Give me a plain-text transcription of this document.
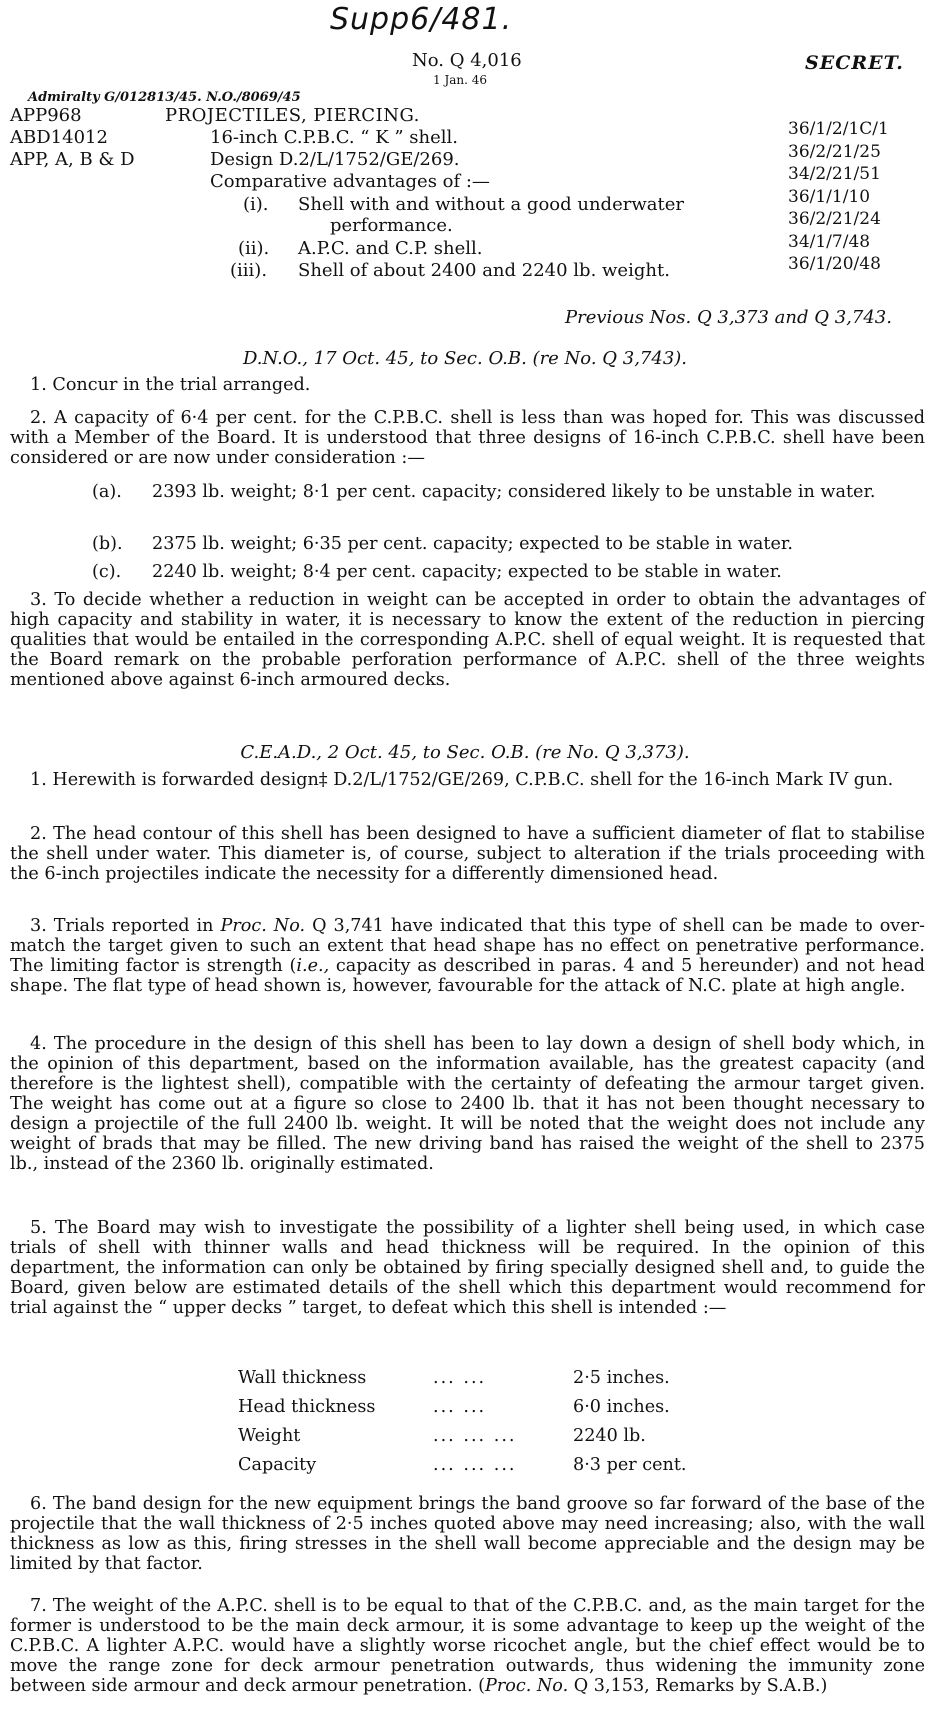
Supp6/481.
No. Q 4,016
1 Jan. 46
SECRET.
Admiralty G/012813/45. N.O./8069/45
APP968	PROJECTILES, PIERCING.
ABD14012	16-inch C.P.B.C. “ K ” shell.
APP, A, B & D	Design D.2/L/1752/GE/269.
Comparative advantages of :—
(i). Shell with and without a good underwater
performance.
(ii). A.P.C. and C.P. shell.
(iii). Shell of about 2400 and 2240 lb. weight.
36/1/2/1C/1
36/2/21/25
34/2/21/51
36/1/1/10
36/2/21/24
34/1/7/48
36/1/20/48
Previous Nos. Q 3,373 and Q 3,743.
D.N.O., 17 Oct. 45, to Sec. O.B. (re No. Q 3,743).
1. Concur in the trial arranged.
2. A capacity of 6·4 per cent. for the C.P.B.C. shell is less than was hoped for. This was discussed with a Member of the Board. It is understood that three designs of 16-inch C.P.B.C. shell have been considered or are now under consideration :—
(a). 2393 lb. weight; 8·1 per cent. capacity; considered likely to be unstable in water.
(b). 2375 lb. weight; 6·35 per cent. capacity; expected to be stable in water.
(c). 2240 lb. weight; 8·4 per cent. capacity; expected to be stable in water.
3. To decide whether a reduction in weight can be accepted in order to obtain the advantages of high capacity and stability in water, it is necessary to know the extent of the reduction in piercing qualities that would be entailed in the corresponding A.P.C. shell of equal weight. It is requested that the Board remark on the probable perforation performance of A.P.C. shell of the three weights mentioned above against 6-inch armoured decks.
C.E.A.D., 2 Oct. 45, to Sec. O.B. (re No. Q 3,373).
1. Herewith is forwarded design‡ D.2/L/1752/GE/269, C.P.B.C. shell for the 16-inch Mark IV gun.
2. The head contour of this shell has been designed to have a sufficient diameter of flat to stabilise the shell under water. This diameter is, of course, subject to alteration if the trials proceeding with the 6-inch projectiles indicate the necessity for a differently dimensioned head.
3. Trials reported in Proc. No. Q 3,741 have indicated that this type of shell can be made to over-match the target given to such an extent that head shape has no effect on penetrative performance. The limiting factor is strength (i.e., capacity as described in paras. 4 and 5 hereunder) and not head shape. The flat type of head shown is, however, favourable for the attack of N.C. plate at high angle.
4. The procedure in the design of this shell has been to lay down a design of shell body which, in the opinion of this department, based on the information available, has the greatest capacity (and therefore is the lightest shell), compatible with the certainty of defeating the armour target given. The weight has come out at a figure so close to 2400 lb. that it has not been thought necessary to design a projectile of the full 2400 lb. weight. It will be noted that the weight does not include any weight of brads that may be filled. The new driving band has raised the weight of the shell to 2375 lb., instead of the 2360 lb. originally estimated.
5. The Board may wish to investigate the possibility of a lighter shell being used, in which case trials of shell with thinner walls and head thickness will be required. In the opinion of this department, the information can only be obtained by firing specially designed shell and, to guide the Board, given below are estimated details of the shell which this department would recommend for trial against the “ upper decks ” target, to defeat which this shell is intended :—
Wall thickness	... ...	2·5 inches.
Head thickness	... ...	6·0 inches.
Weight	... ... ...	2240 lb.
Capacity	... ... ...	8·3 per cent.
6. The band design for the new equipment brings the band groove so far forward of the base of the projectile that the wall thickness of 2·5 inches quoted above may need increasing; also, with the wall thickness as low as this, firing stresses in the shell wall become appreciable and the design may be limited by that factor.
7. The weight of the A.P.C. shell is to be equal to that of the C.P.B.C. and, as the main target for the former is understood to be the main deck armour, it is some advantage to keep up the weight of the C.P.B.C. A lighter A.P.C. would have a slightly worse ricochet angle, but the chief effect would be to move the range zone for deck armour penetration outwards, thus widening the immunity zone between side armour and deck armour penetration. (Proc. No. Q 3,153, Remarks by S.A.B.)
